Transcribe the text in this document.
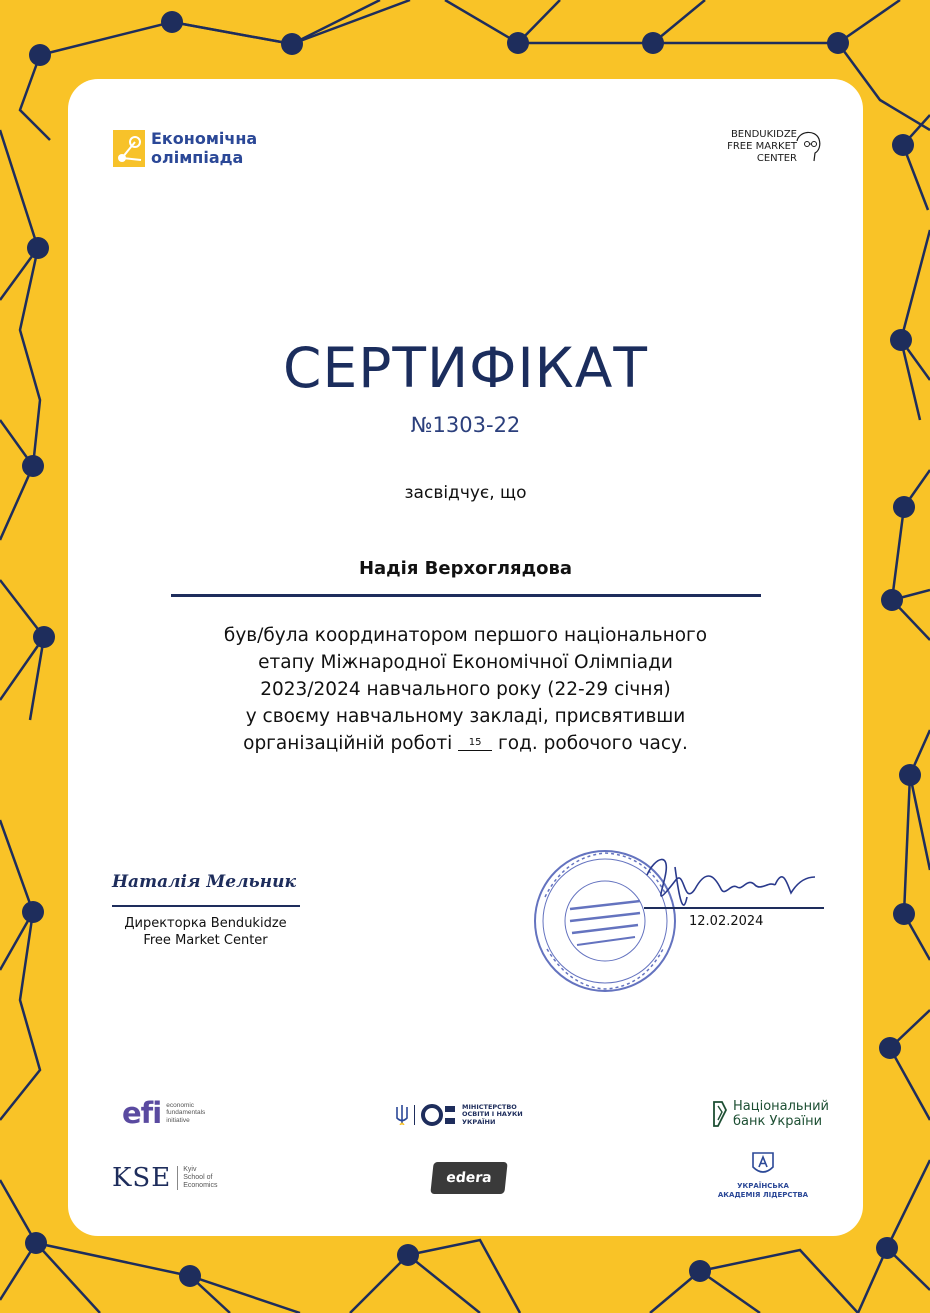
Економічна
олімпіада
BENDUKIDZE
FREE MARKET
CENTER
СЕРТИФІКАТ
№1303-22
засвідчує, що
Надія Верхоглядова
був/була координатором першого національного
етапу Міжнародної Економічної Олімпіади
2023/2024 навчального року (22-29 січня)
у своєму навчальному закладі, присвятивши
організаційній роботі 15 год. робочого часу.
Наталія Мельник
Директорка Bendukidze
Free Market Center
12.02.2024
efi economic
fundamentals
initiative
KSE Kyiv
School of
Economics
МІНІСТЕРСТВО
ОСВІТИ І НАУКИ
УКРАЇНИ
edera
Національний
банк України
УКРАЇНСЬКА
АКАДЕМІЯ ЛІДЕРСТВА
